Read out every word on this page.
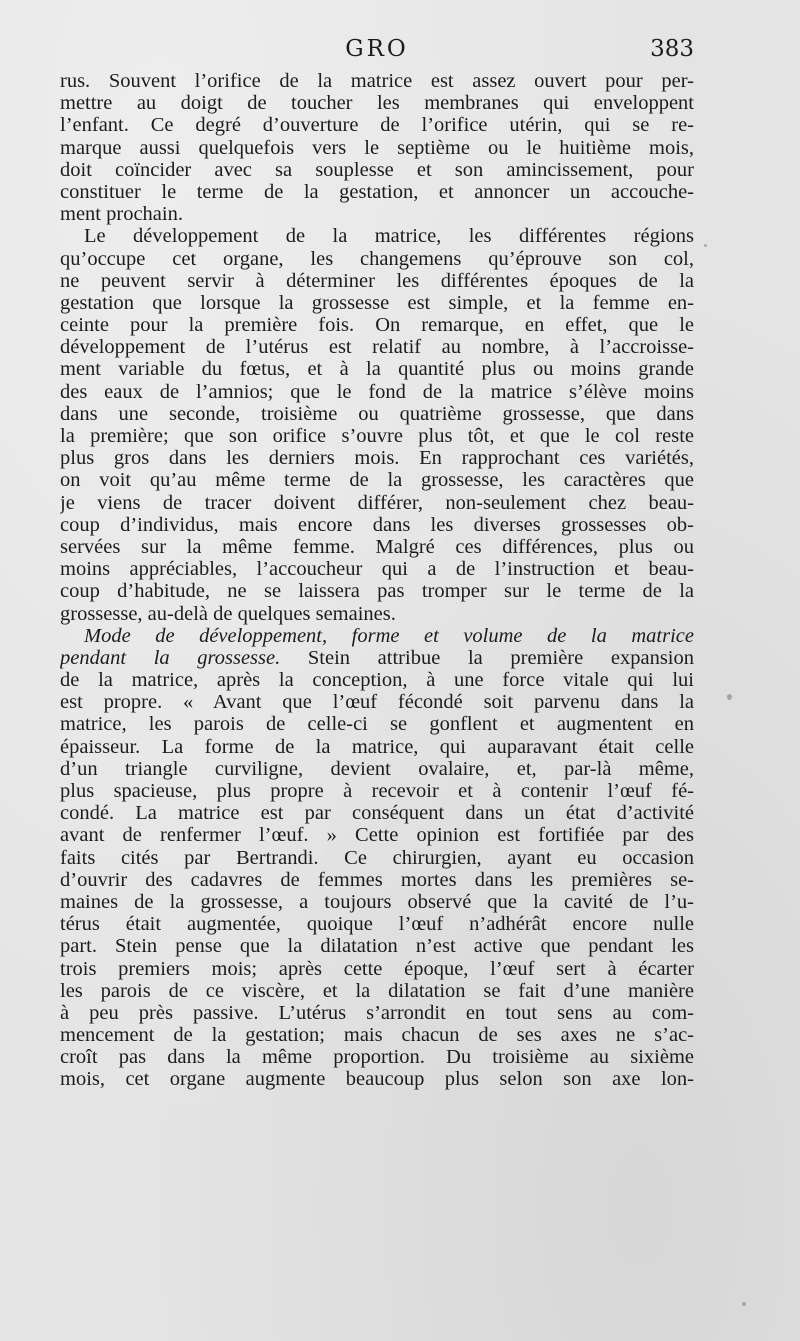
GRO	383
rus. Souvent l’orifice de la matrice est assez ouvert pour per-
mettre au doigt de toucher les membranes qui enveloppent
l’enfant. Ce degré d’ouverture de l’orifice utérin, qui se re-
marque aussi quelquefois vers le septième ou le huitième mois,
doit coïncider avec sa souplesse et son amincissement, pour
constituer le terme de la gestation, et annoncer un accouche-
ment prochain.
Le développement de la matrice, les différentes régions
qu’occupe cet organe, les changemens qu’éprouve son col,
ne peuvent servir à déterminer les différentes époques de la
gestation que lorsque la grossesse est simple, et la femme en-
ceinte pour la première fois. On remarque, en effet, que le
développement de l’utérus est relatif au nombre, à l’accroisse-
ment variable du fœtus, et à la quantité plus ou moins grande
des eaux de l’amnios; que le fond de la matrice s’élève moins
dans une seconde, troisième ou quatrième grossesse, que dans
la première; que son orifice s’ouvre plus tôt, et que le col reste
plus gros dans les derniers mois. En rapprochant ces variétés,
on voit qu’au même terme de la grossesse, les caractères que
je viens de tracer doivent différer, non-seulement chez beau-
coup d’individus, mais encore dans les diverses grossesses ob-
servées sur la même femme. Malgré ces différences, plus ou
moins appréciables, l’accoucheur qui a de l’instruction et beau-
coup d’habitude, ne se laissera pas tromper sur le terme de la
grossesse, au-delà de quelques semaines.
Mode de développement, forme et volume de la matrice
pendant la grossesse. Stein attribue la première expansion
de la matrice, après la conception, à une force vitale qui lui
est propre. « Avant que l’œuf fécondé soit parvenu dans la
matrice, les parois de celle-ci se gonflent et augmentent en
épaisseur. La forme de la matrice, qui auparavant était celle
d’un triangle curviligne, devient ovalaire, et, par-là même,
plus spacieuse, plus propre à recevoir et à contenir l’œuf fé-
condé. La matrice est par conséquent dans un état d’activité
avant de renfermer l’œuf. » Cette opinion est fortifiée par des
faits cités par Bertrandi. Ce chirurgien, ayant eu occasion
d’ouvrir des cadavres de femmes mortes dans les premières se-
maines de la grossesse, a toujours observé que la cavité de l’u-
térus était augmentée, quoique l’œuf n’adhérât encore nulle
part. Stein pense que la dilatation n’est active que pendant les
trois premiers mois; après cette époque, l’œuf sert à écarter
les parois de ce viscère, et la dilatation se fait d’une manière
à peu près passive. L’utérus s’arrondit en tout sens au com-
mencement de la gestation; mais chacun de ses axes ne s’ac-
croît pas dans la même proportion. Du troisième au sixième
mois, cet organe augmente beaucoup plus selon son axe lon-
